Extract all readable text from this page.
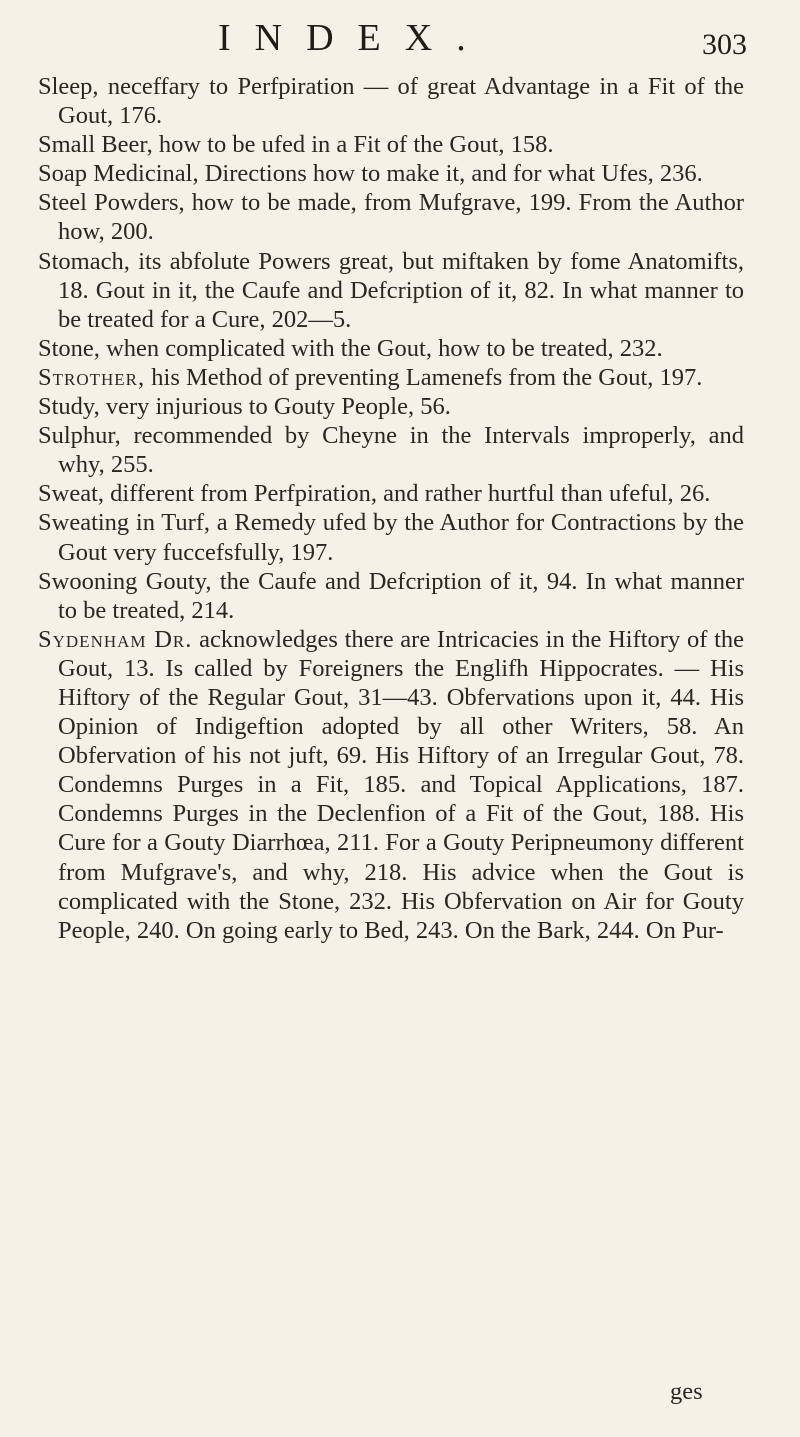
INDEX.	303

Sleep, neceffary to Perfpiration — of great Advantage in a Fit of the Gout, 176.

Small Beer, how to be ufed in a Fit of the Gout, 158.

Soap Medicinal, Directions how to make it, and for what Ufes, 236.

Steel Powders, how to be made, from Mufgrave, 199. From the Author how, 200.

Stomach, its abfolute Powers great, but miftaken by fome Anatomifts, 18. Gout in it, the Caufe and Defcription of it, 82. In what manner to be treated for a Cure, 202—5.

Stone, when complicated with the Gout, how to be treated, 232.

Strother, his Method of preventing Lamenefs from the Gout, 197.

Study, very injurious to Gouty People, 56.

Sulphur, recommended by Cheyne in the Intervals improperly, and why, 255.

Sweat, different from Perfpiration, and rather hurtful than ufeful, 26.

Sweating in Turf, a Remedy ufed by the Author for Contractions by the Gout very fuccefsfully, 197.

Swooning Gouty, the Caufe and Defcription of it, 94. In what manner to be treated, 214.

Sydenham Dr. acknowledges there are Intricacies in the Hiftory of the Gout, 13. Is called by Foreigners the Englifh Hippocrates. — His Hiftory of the Regular Gout, 31—43. Obfervations upon it, 44. His Opinion of Indigeftion adopted by all other Writers, 58. An Obfervation of his not juft, 69. His Hiftory of an Irregular Gout, 78. Condemns Purges in a Fit, 185. and Topical Applications, 187. Condemns Purges in the Declenfion of a Fit of the Gout, 188. His Cure for a Gouty Diarrhœa, 211. For a Gouty Peripneumony different from Mufgrave's, and why, 218. His advice when the Gout is complicated with the Stone, 232. His Obfervation on Air for Gouty People, 240. On going early to Bed, 243. On the Bark, 244. On Pur-

ges
